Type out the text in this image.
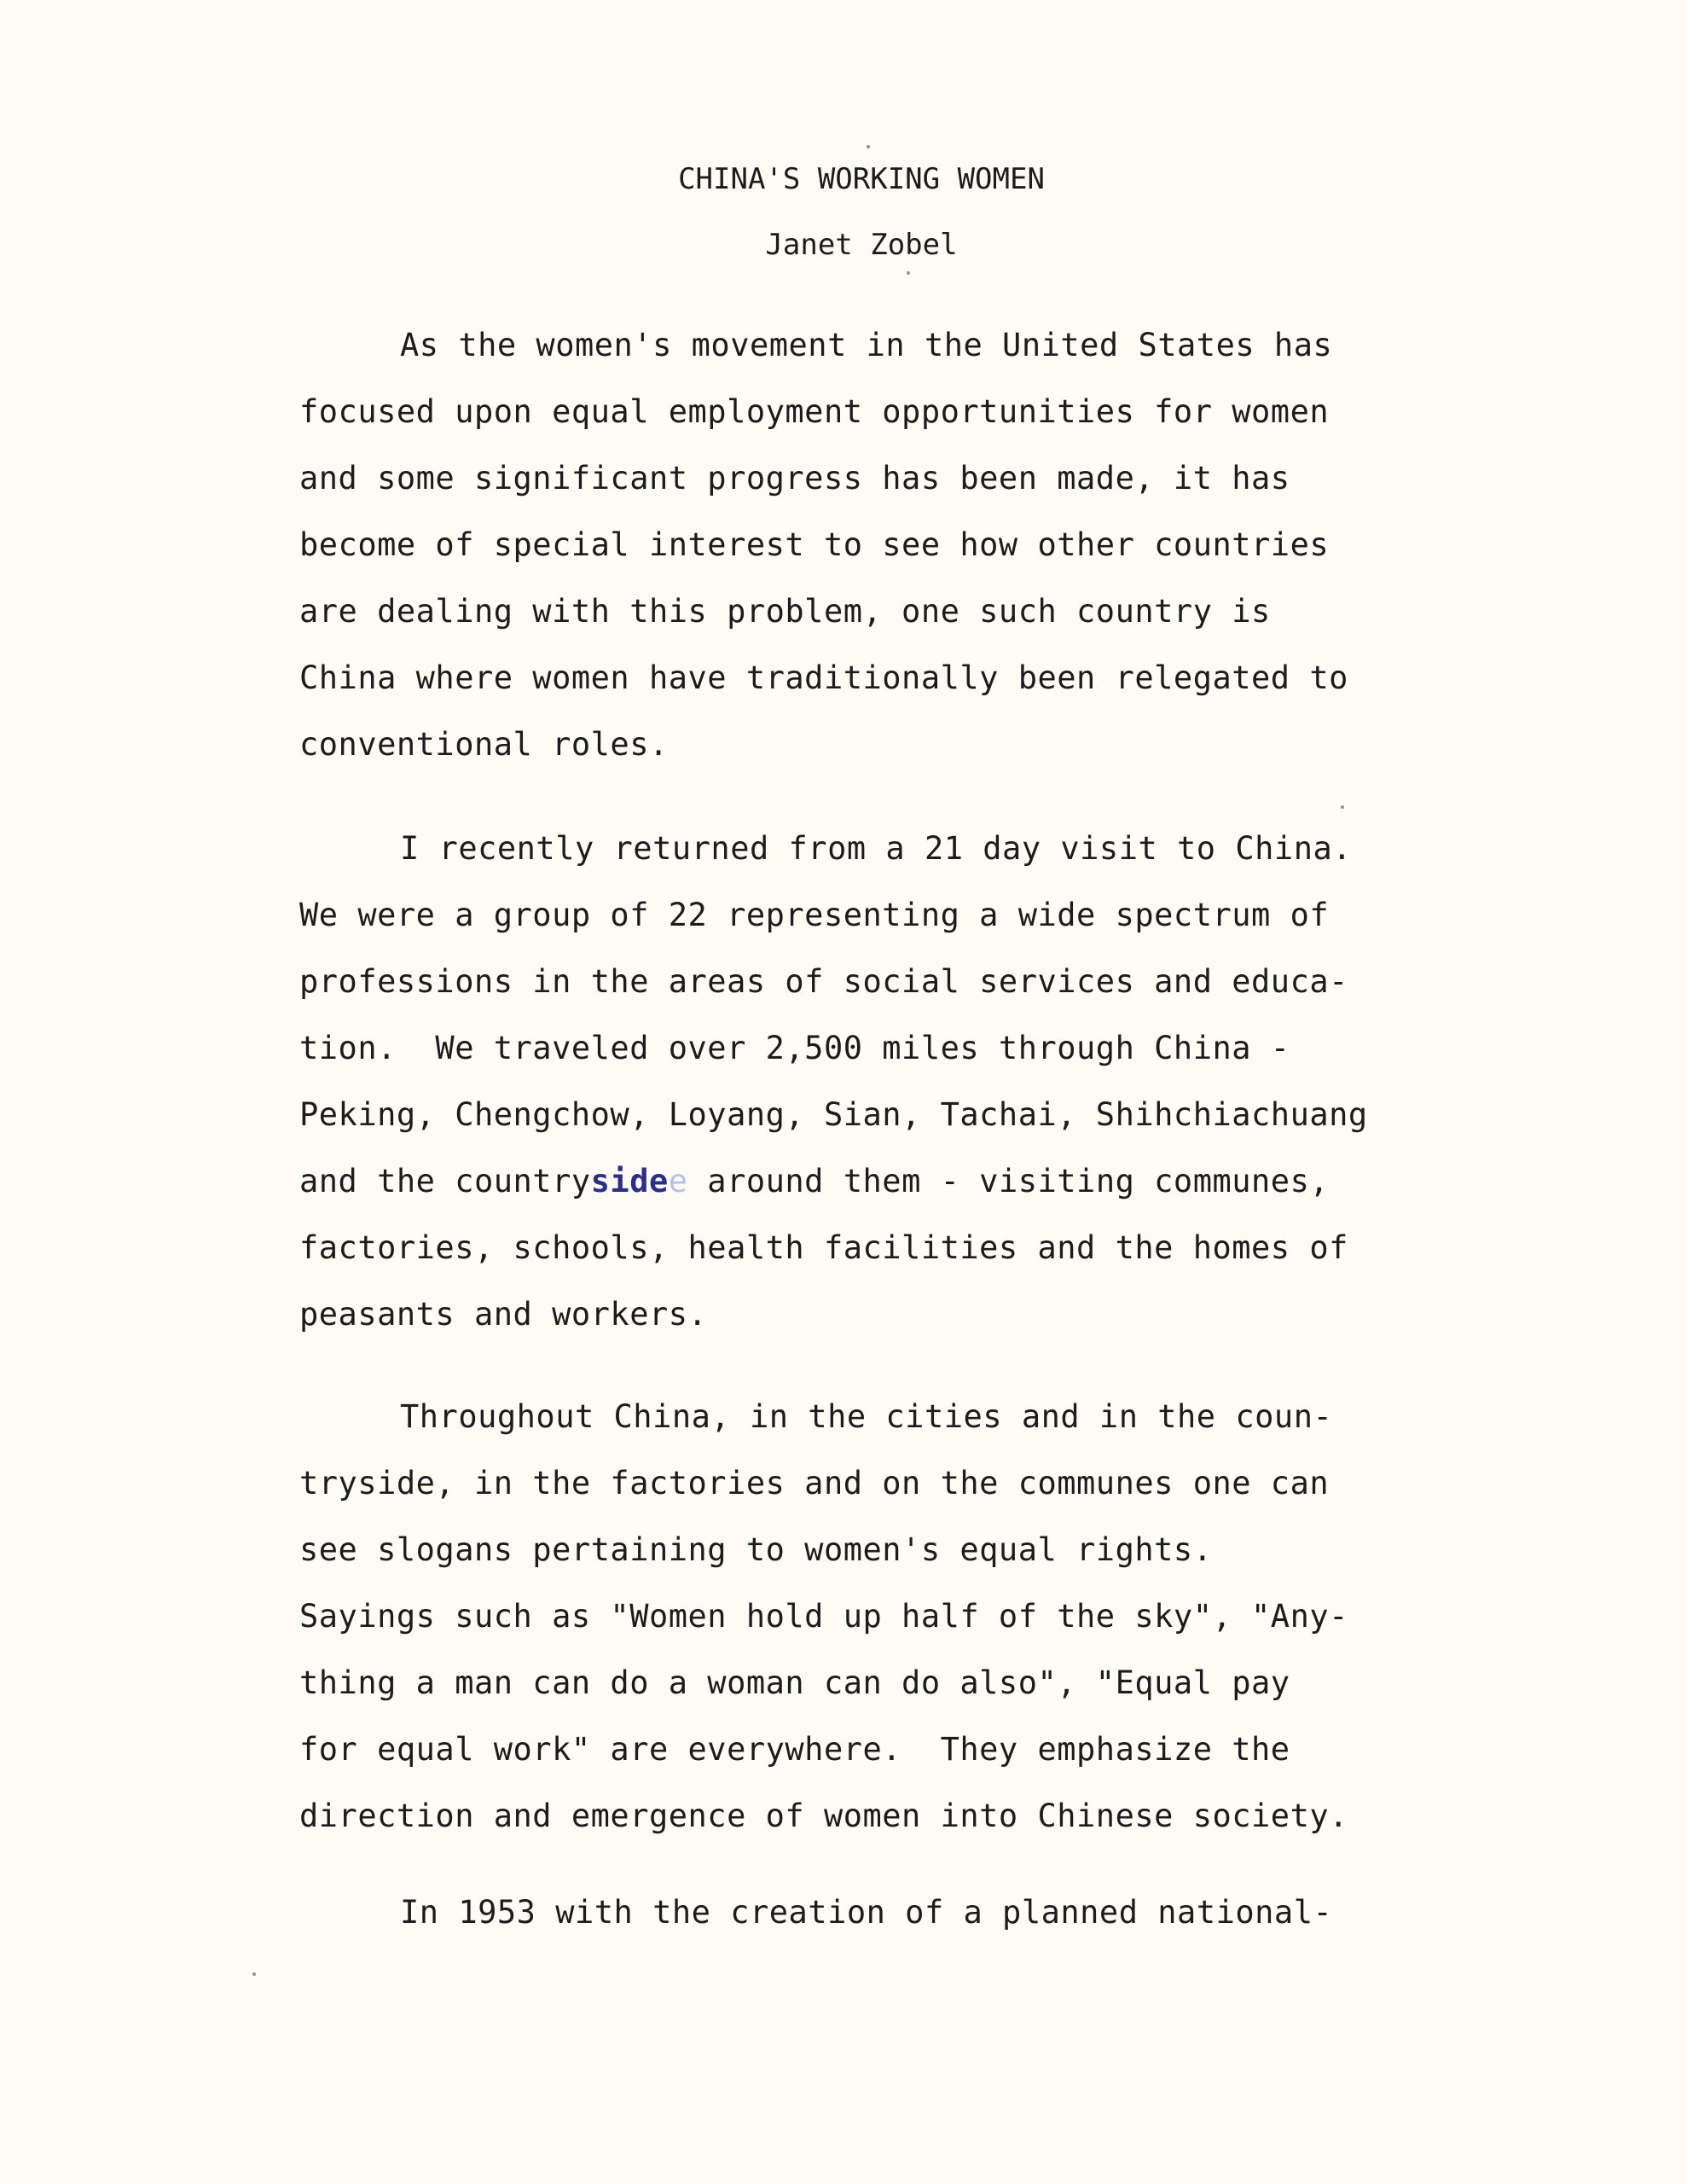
CHINA'S WORKING WOMEN
Janet Zobel
As the women's movement in the United States has
focused upon equal employment opportunities for women
and some significant progress has been made, it has
become of special interest to see how other countries
are dealing with this problem, one such country is
China where women have traditionally been relegated to
conventional roles.
I recently returned from a 21 day visit to China.
We were a group of 22 representing a wide spectrum of
professions in the areas of social services and educa-
tion.  We traveled over 2,500 miles through China -
Peking, Chengchow, Loyang, Sian, Tachai, Shihchiachuang
and the countrysidee around them - visiting communes,
factories, schools, health facilities and the homes of
peasants and workers.
Throughout China, in the cities and in the coun-
tryside, in the factories and on the communes one can
see slogans pertaining to women's equal rights.
Sayings such as "Women hold up half of the sky", "Any-
thing a man can do a woman can do also", "Equal pay
for equal work" are everywhere.  They emphasize the
direction and emergence of women into Chinese society.
In 1953 with the creation of a planned national-
